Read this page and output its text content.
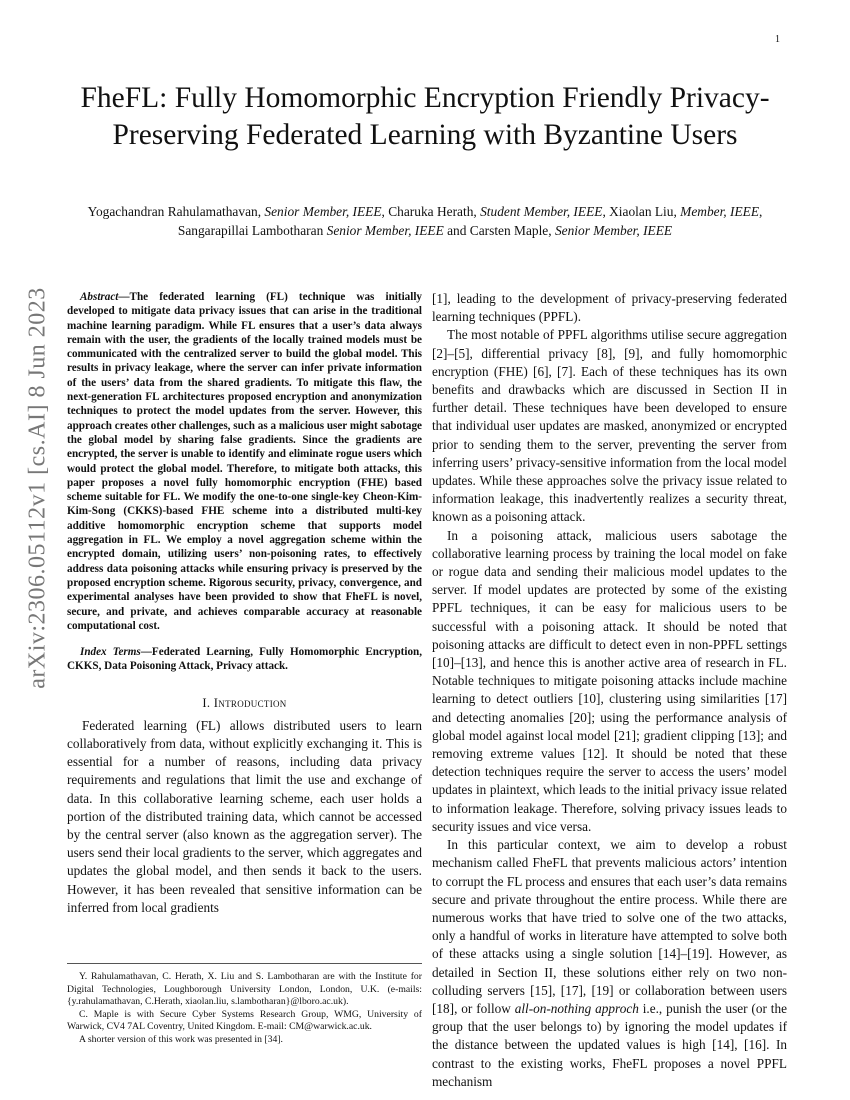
1
arXiv:2306.05112v1 [cs.AI] 8 Jun 2023
FheFL: Fully Homomorphic Encryption Friendly Privacy-Preserving Federated Learning with Byzantine Users

Yogachandran Rahulamathavan, Senior Member, IEEE, Charuka Herath, Student Member, IEEE, Xiaolan Liu, Member, IEEE, Sangarapillai Lambotharan Senior Member, IEEE and Carsten Maple, Senior Member, IEEE

Abstract—The federated learning (FL) technique was initially developed to mitigate data privacy issues that can arise in the traditional machine learning paradigm. While FL ensures that a user’s data always remain with the user, the gradients of the locally trained models must be communicated with the centralized server to build the global model. This results in privacy leakage, where the server can infer private information of the users’ data from the shared gradients. To mitigate this flaw, the next-generation FL architectures proposed encryption and anonymization techniques to protect the model updates from the server. However, this approach creates other challenges, such as a malicious user might sabotage the global model by sharing false gradients. Since the gradients are encrypted, the server is unable to identify and eliminate rogue users which would protect the global model. Therefore, to mitigate both attacks, this paper proposes a novel fully homomorphic encryption (FHE) based scheme suitable for FL. We modify the one-to-one single-key Cheon-Kim-Kim-Song (CKKS)-based FHE scheme into a distributed multi-key additive homomorphic encryption scheme that supports model aggregation in FL. We employ a novel aggregation scheme within the encrypted domain, utilizing users’ non-poisoning rates, to effectively address data poisoning attacks while ensuring privacy is preserved by the proposed encryption scheme. Rigorous security, privacy, convergence, and experimental analyses have been provided to show that FheFL is novel, secure, and private, and achieves comparable accuracy at reasonable computational cost.

Index Terms—Federated Learning, Fully Homomorphic Encryption, CKKS, Data Poisoning Attack, Privacy attack.

I. Introduction

Federated learning (FL) allows distributed users to learn collaboratively from data, without explicitly exchanging it. This is essential for a number of reasons, including data privacy requirements and regulations that limit the use and exchange of data. In this collaborative learning scheme, each user holds a portion of the distributed training data, which cannot be accessed by the central server (also known as the aggregation server). The users send their local gradients to the server, which aggregates and updates the global model, and then sends it back to the users. However, it has been revealed that sensitive information can be inferred from local gradients

Y. Rahulamathavan, C. Herath, X. Liu and S. Lambotharan are with the Institute for Digital Technologies, Loughborough University London, London, U.K. (e-mails: {y.rahulamathavan, C.Herath, xiaolan.liu, s.lambotharan}@lboro.ac.uk).

C. Maple is with Secure Cyber Systems Research Group, WMG, University of Warwick, CV4 7AL Coventry, United Kingdom. E-mail: CM@warwick.ac.uk.

A shorter version of this work was presented in [34].

[1], leading to the development of privacy-preserving federated learning techniques (PPFL).

The most notable of PPFL algorithms utilise secure aggregation [2]–[5], differential privacy [8], [9], and fully homomorphic encryption (FHE) [6], [7]. Each of these techniques has its own benefits and drawbacks which are discussed in Section II in further detail. These techniques have been developed to ensure that individual user updates are masked, anonymized or encrypted prior to sending them to the server, preventing the server from inferring users’ privacy-sensitive information from the local model updates. While these approaches solve the privacy issue related to information leakage, this inadvertently realizes a security threat, known as a poisoning attack.

In a poisoning attack, malicious users sabotage the collaborative learning process by training the local model on fake or rogue data and sending their malicious model updates to the server. If model updates are protected by some of the existing PPFL techniques, it can be easy for malicious users to be successful with a poisoning attack. It should be noted that poisoning attacks are difficult to detect even in non-PPFL settings [10]–[13], and hence this is another active area of research in FL. Notable techniques to mitigate poisoning attacks include machine learning to detect outliers [10], clustering using similarities [17] and detecting anomalies [20]; using the performance analysis of global model against local model [21]; gradient clipping [13]; and removing extreme values [12]. It should be noted that these detection techniques require the server to access the users’ model updates in plaintext, which leads to the initial privacy issue related to information leakage. Therefore, solving privacy issues leads to security issues and vice versa.

In this particular context, we aim to develop a robust mechanism called FheFL that prevents malicious actors’ intention to corrupt the FL process and ensures that each user’s data remains secure and private throughout the entire process. While there are numerous works that have tried to solve one of the two attacks, only a handful of works in literature have attempted to solve both of these attacks using a single solution [14]–[19]. However, as detailed in Section II, these solutions either rely on two non-colluding servers [15], [17], [19] or collaboration between users [18], or follow all-on-nothing approch i.e., punish the user (or the group that the user belongs to) by ignoring the model updates if the distance between the updated values is high [14], [16]. In contrast to the existing works, FheFL proposes a novel PPFL mechanism
